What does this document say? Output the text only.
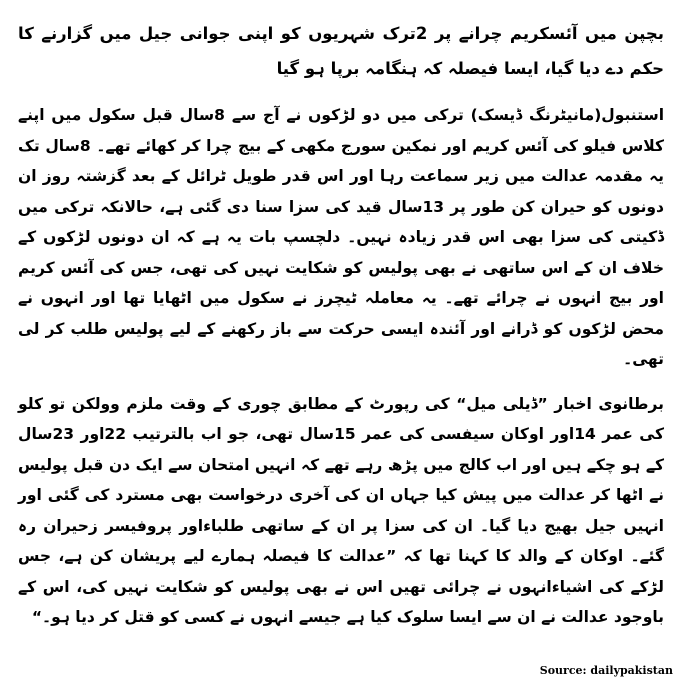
بچپن میں آئسکریم چرانے پر 2ترک شہریوں کو اپنی جوانی جیل میں گزارنے کا حکم دے دیا گیا، ایسا فیصلہ کہ ہنگامہ برپا ہو گیا

استنبول(مانیٹرنگ ڈیسک) ترکی میں دو لڑکوں نے آج سے 8سال قبل سکول میں اپنے کلاس فیلو کی آئس کریم اور نمکین سورج مکھی کے بیج چرا کر کھائے تھے۔ 8سال تک یہ مقدمہ عدالت میں زیر سماعت رہا اور اس قدر طویل ٹرائل کے بعد گزشتہ روز ان دونوں کو حیران کن طور پر 13سال قید کی سزا سنا دی گئی ہے، حالانکہ ترکی میں ڈکیتی کی سزا بھی اس قدر زیادہ نہیں۔ دلچسپ بات یہ ہے کہ ان دونوں لڑکوں کے خلاف ان کے اس ساتھی نے بھی پولیس کو شکایت نہیں کی تھی، جس کی آئس کریم اور بیج انہوں نے چرائے تھے۔ یہ معاملہ ٹیچرز نے سکول میں اٹھایا تھا اور انہوں نے محض لڑکوں کو ڈرانے اور آئندہ ایسی حرکت سے باز رکھنے کے لیے پولیس طلب کر لی تھی۔

برطانوی اخبار ”ڈیلی میل“ کی رپورٹ کے مطابق چوری کے وقت ملزم وولکن تو کلو کی عمر 14اور اوکان سیفسی کی عمر 15سال تھی، جو اب بالترتیب 22اور 23سال کے ہو چکے ہیں اور اب کالج میں پڑھ رہے تھے کہ انہیں امتحان سے ایک دن قبل پولیس نے اٹھا کر عدالت میں پیش کیا جہاں ان کی آخری درخواست بھی مسترد کی گئی اور انہیں جیل بھیج دیا گیا۔ ان کی سزا پر ان کے ساتھی طلباءاور پروفیسر زحیران رہ گئے۔ اوکان کے والد کا کہنا تھا کہ ”عدالت کا فیصلہ ہمارے لیے پریشان کن ہے، جس لڑکے کی اشیاءانہوں نے چرائی تھیں اس نے بھی پولیس کو شکایت نہیں کی، اس کے باوجود عدالت نے ان سے ایسا سلوک کیا ہے جیسے انہوں نے کسی کو قتل کر دیا ہو۔“

Source: dailypakistan
